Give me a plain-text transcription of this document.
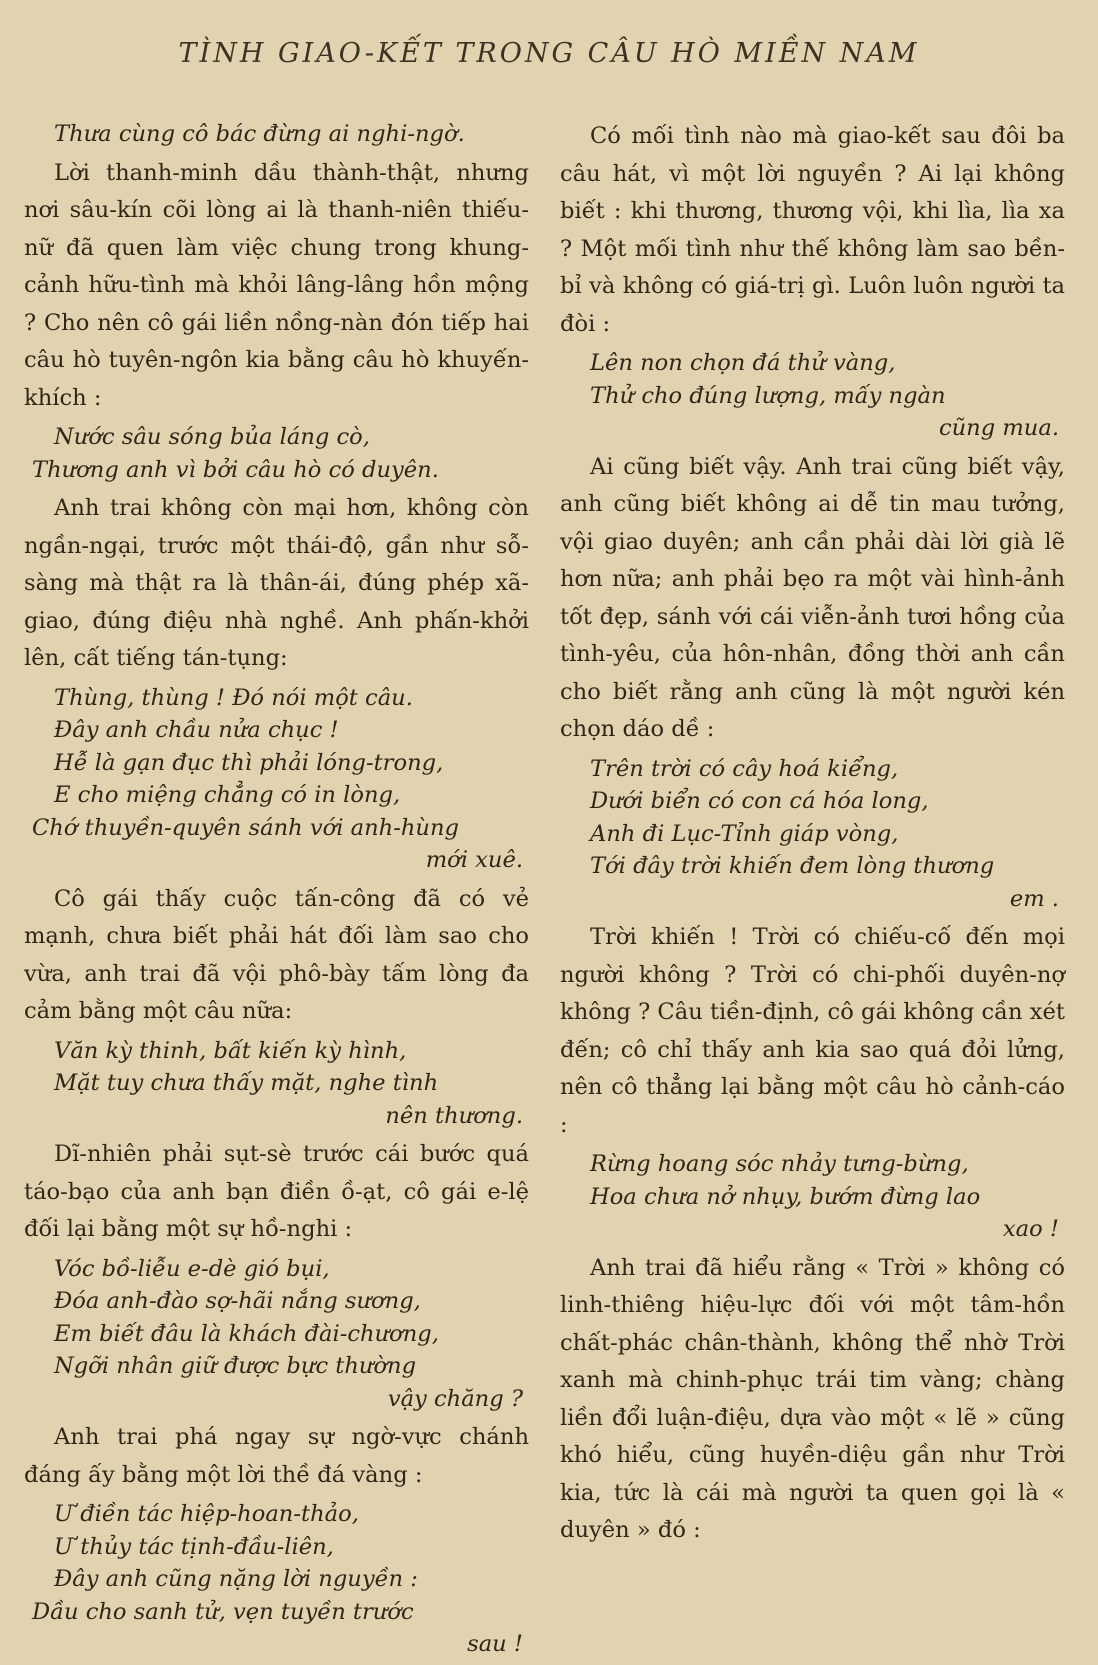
TÌNH GIAO-KẾT TRONG CÂU HÒ MIỀN NAM
Thưa cùng cô bác đừng ai nghi-ngờ.

Lời thanh-minh dầu thành-thật, nhưng nơi sâu-kín cõi lòng ai là thanh-niên thiếu-nữ đã quen làm việc chung trong khung-cảnh hữu-tình mà khỏi lâng-lâng hồn mộng ? Cho nên cô gái liền nồng-nàn đón tiếp hai câu hò tuyên-ngôn kia bằng câu hò khuyến-khích :

Nước sâu sóng bủa láng cò,
Thương anh vì bởi câu hò có duyên.

Anh trai không còn mại hơn, không còn ngần-ngại, trước một thái-độ, gần như sỗ-sàng mà thật ra là thân-ái, đúng phép xã-giao, đúng điệu nhà nghề. Anh phấn-khởi lên, cất tiếng tán-tụng:

Thùng, thùng ! Đó nói một câu.
Đây anh chầu nửa chục !
Hễ là gạn đục thì phải lóng-trong,
E cho miệng chẳng có in lòng,
Chớ thuyền-quyên sánh với anh-hùng
mới xuê.

Cô gái thấy cuộc tấn-công đã có vẻ mạnh, chưa biết phải hát đối làm sao cho vừa, anh trai đã vội phô-bày tấm lòng đa cảm bằng một câu nữa:

Văn kỳ thinh, bất kiến kỳ hình,
Mặt tuy chưa thấy mặt, nghe tình
nên thương.

Dĩ-nhiên phải sụt-sè trước cái bước quá táo-bạo của anh bạn điền ồ-ạt, cô gái e-lệ đối lại bằng một sự hồ-nghi :

Vóc bồ-liễu e-dè gió bụi,
Đóa anh-đào sợ-hãi nắng sương,
Em biết đâu là khách đài-chương,
Ngỡi nhân giữ được bực thường
vậy chăng ?

Anh trai phá ngay sự ngờ-vực chánh đáng ấy bằng một lời thề đá vàng :

Ư điền tác hiệp-hoan-thảo,
Ư thủy tác tịnh-đầu-liên,
Đây anh cũng nặng lời nguyền :
Dầu cho sanh tử, vẹn tuyền trước
sau !

Có mối tình nào mà giao-kết sau đôi ba câu hát, vì một lời nguyền ? Ai lại không biết : khi thương, thương vội, khi lìa, lìa xa ? Một mối tình như thế không làm sao bền-bỉ và không có giá-trị gì. Luôn luôn người ta đòi :

Lên non chọn đá thử vàng,
Thử cho đúng lượng, mấy ngàn
cũng mua.

Ai cũng biết vậy. Anh trai cũng biết vậy, anh cũng biết không ai dễ tin mau tưởng, vội giao duyên; anh cần phải dài lời già lẽ hơn nữa; anh phải bẹo ra một vài hình-ảnh tốt đẹp, sánh với cái viễn-ảnh tươi hồng của tình-yêu, của hôn-nhân, đồng thời anh cần cho biết rằng anh cũng là một người kén chọn dáo dề :

Trên trời có cây hoá kiểng,
Dưới biển có con cá hóa long,
Anh đi Lục-Tỉnh giáp vòng,
Tới đây trời khiến đem lòng thương
em .

Trời khiến ! Trời có chiếu-cố đến mọi người không ? Trời có chi-phối duyên-nợ không ? Câu tiền-định, cô gái không cần xét đến; cô chỉ thấy anh kia sao quá đỏi lửng, nên cô thẳng lại bằng một câu hò cảnh-cáo :

Rừng hoang sóc nhảy tưng-bừng,
Hoa chưa nở nhụy, bướm đừng lao
xao !

Anh trai đã hiểu rằng « Trời » không có linh-thiêng hiệu-lực đối với một tâm-hồn chất-phác chân-thành, không thể nhờ Trời xanh mà chinh-phục trái tim vàng; chàng liền đổi luận-điệu, dựa vào một « lẽ » cũng khó hiểu, cũng huyền-diệu gần như Trời kia, tức là cái mà người ta quen gọi là « duyên » đó :
